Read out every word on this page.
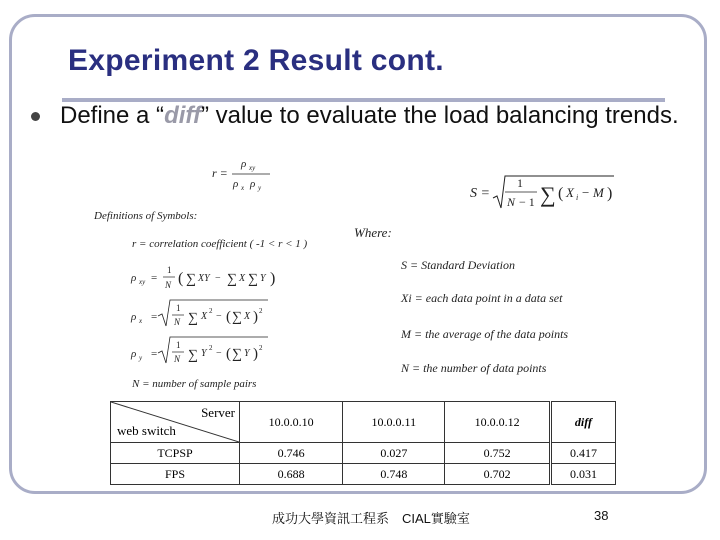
Experiment 2 Result cont.
Define a “diff” value to evaluate the load balancing trends.
r =
ρ xy
ρ x ρ y	S =
1
N − 1 ∑ ( X i − M )
ρ xy =
1
N ( ∑ XY − ∑ X ∑ Y )
ρ x =
1
N ∑ X 2 − ( ∑ X ) 2
ρ y =
1
N ∑ Y 2 − ( ∑ Y ) 2
Definitions of Symbols:
r = correlation coefficient ( -1 < r < 1 )
N = number of sample pairs
Where:
S = Standard Deviation
Xi = each data point in a data set
M = the average of the data points
N = the number of data points
Server
web switch	10.0.0.10	10.0.0.11	10.0.0.12	diff
TCPSP	0.746	0.027	0.752	0.417
FPS	0.688	0.748	0.702	0.031
成功大學資訊工程系　CIAL實驗室	38
